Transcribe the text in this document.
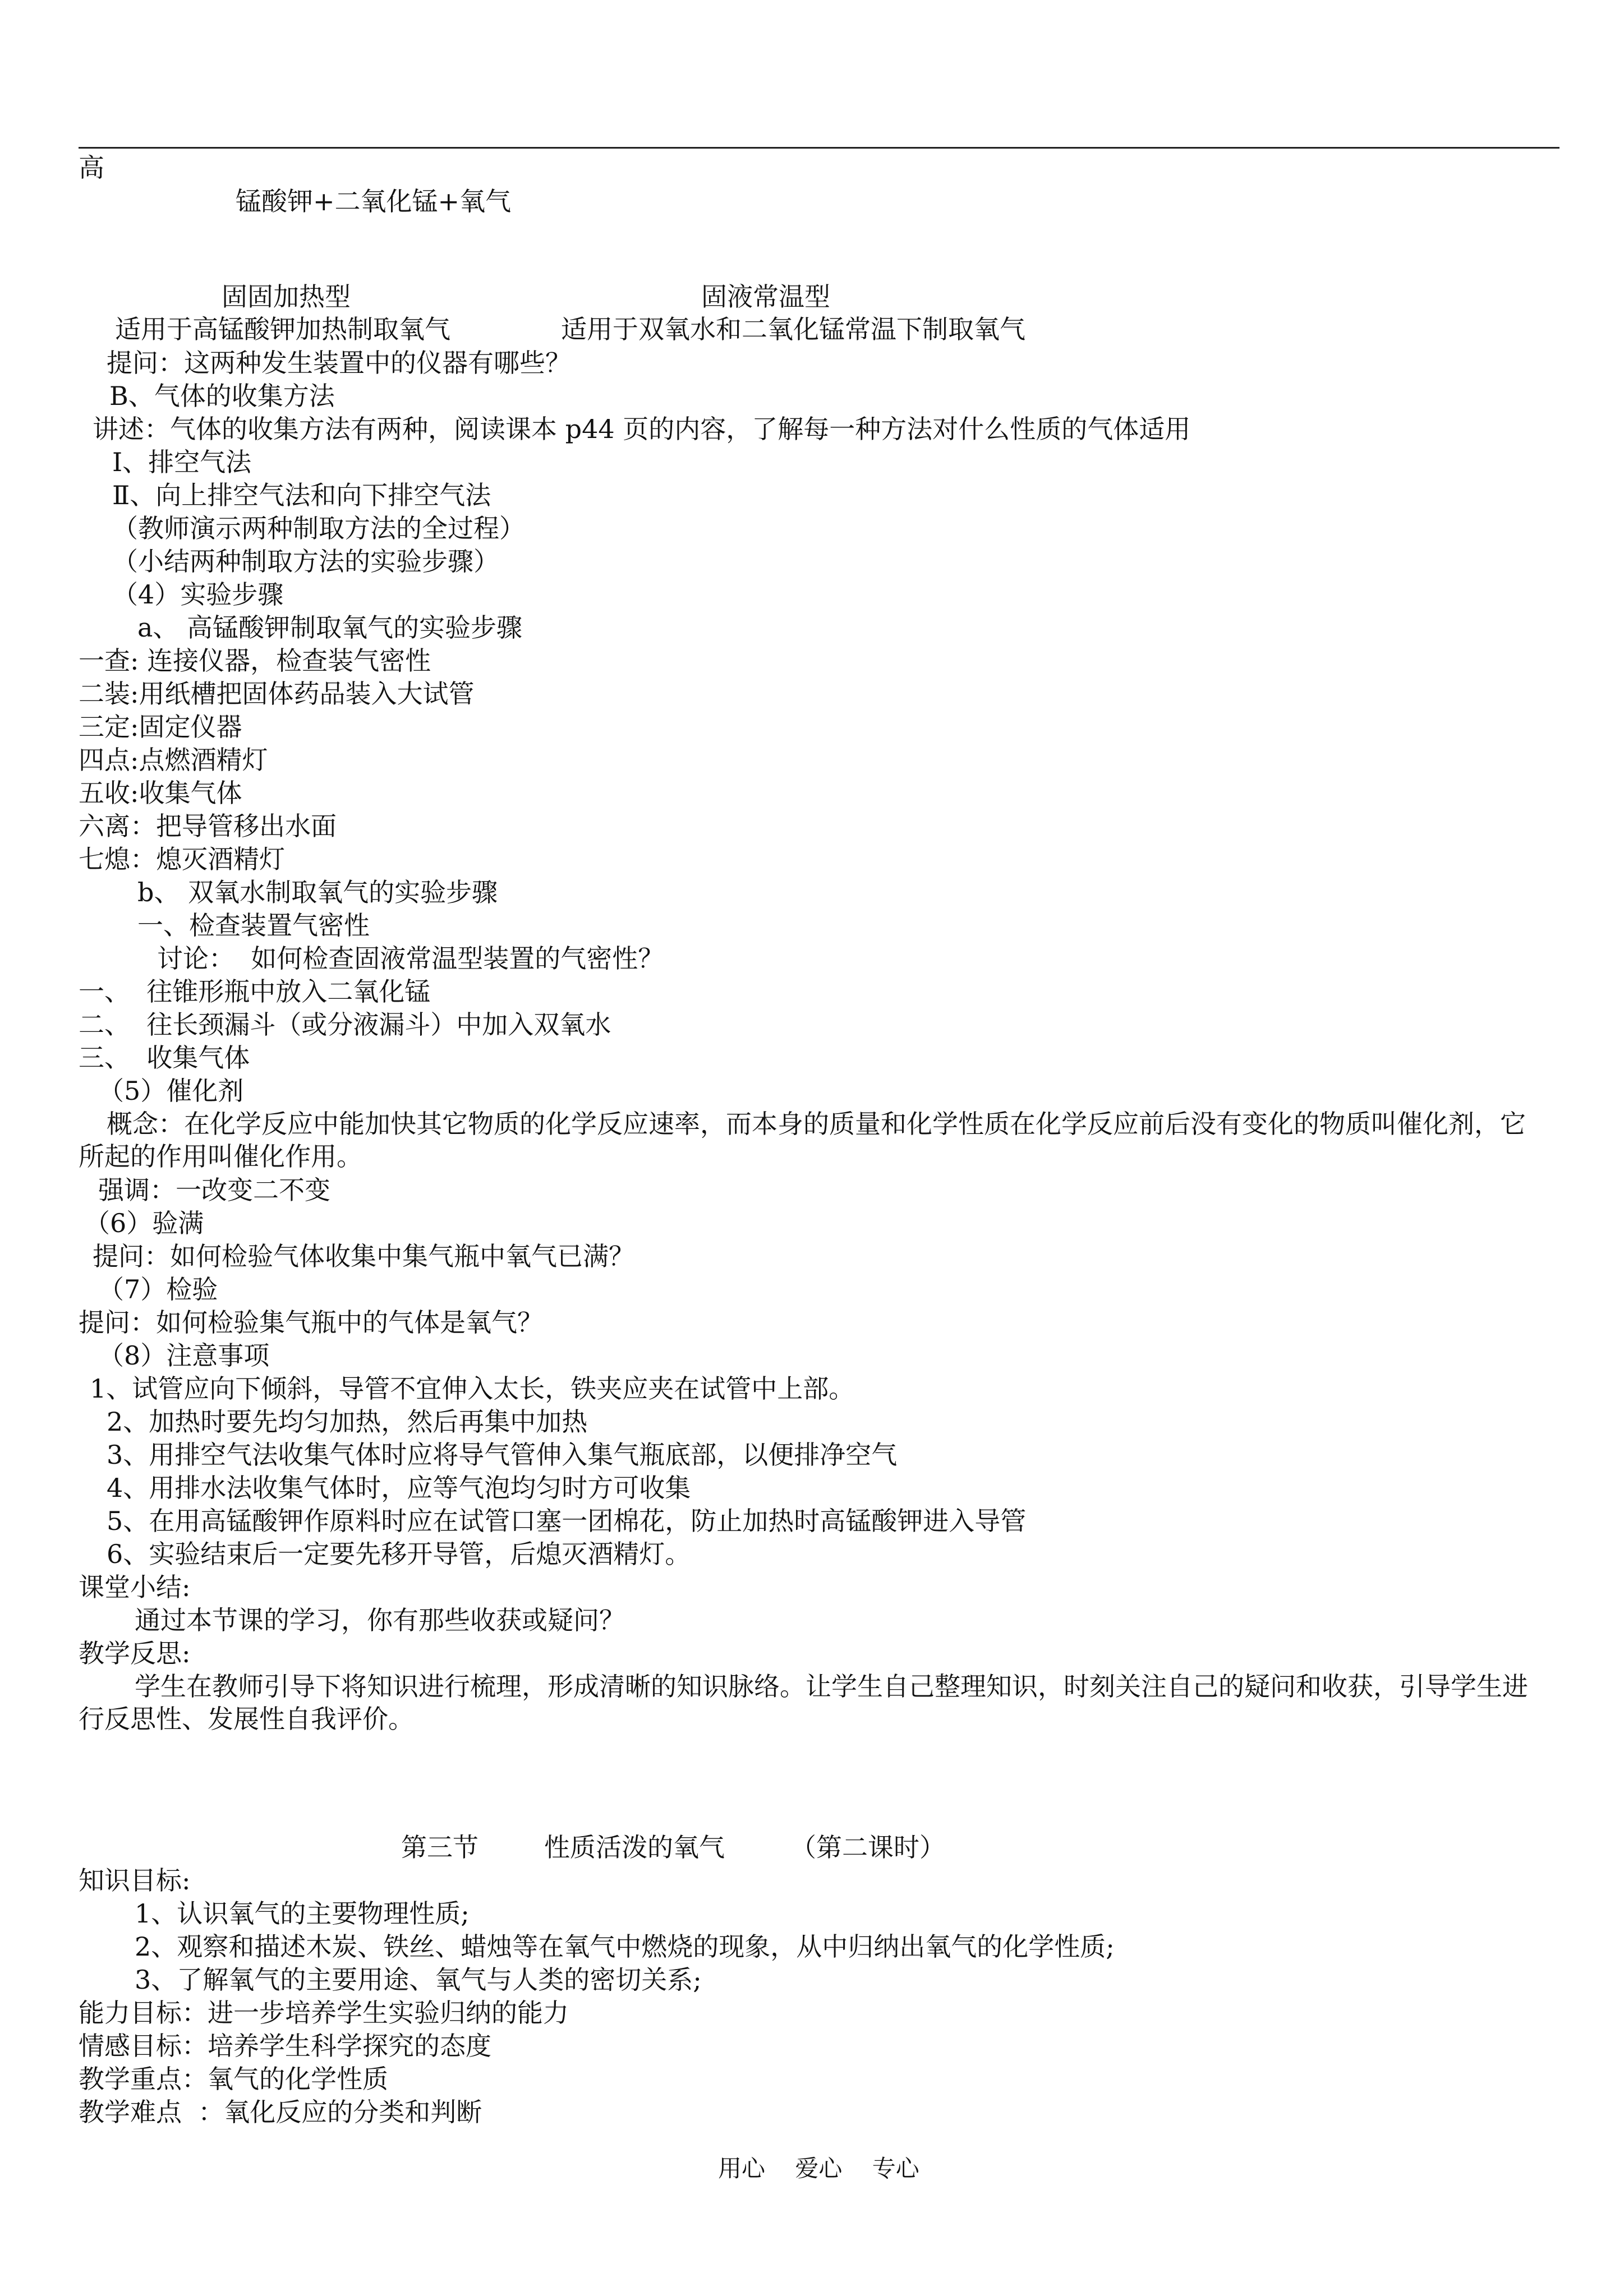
高
锰酸钾+二氧化锰+氧气
固固加热型	固液常温型
适用于高锰酸钾加热制取氧气	适用于双氧水和二氧化锰常温下制取氧气
提问：这两种发生装置中的仪器有哪些？
B、气体的收集方法
讲述：气体的收集方法有两种，阅读课本 p44 页的内容，了解每一种方法对什么性质的气体适用
Ⅰ、排空气法
Ⅱ、向上排空气法和向下排空气法
（教师演示两种制取方法的全过程）
（小结两种制取方法的实验步骤）
（4）实验步骤
a、 高锰酸钾制取氧气的实验步骤
一查: 连接仪器，检查装气密性
二装:用纸槽把固体药品装入大试管
三定:固定仪器
四点:点燃酒精灯
五收:收集气体
六离：把导管移出水面
七熄：熄灭酒精灯
b、 双氧水制取氧气的实验步骤
一、检查装置气密性
讨论：  如何检查固液常温型装置的气密性？
一、  往锥形瓶中放入二氧化锰
二、  往长颈漏斗（或分液漏斗）中加入双氧水
三、  收集气体
（5）催化剂
概念：在化学反应中能加快其它物质的化学反应速率，而本身的质量和化学性质在化学反应前后没有变化的物质叫催化剂，它所起的作用叫催化作用。
强调：一改变二不变
（6）验满
提问：如何检验气体收集中集气瓶中氧气已满？
（7）检验
提问：如何检验集气瓶中的气体是氧气？
（8）注意事项
1、试管应向下倾斜，导管不宜伸入太长，铁夹应夹在试管中上部。
2、加热时要先均匀加热，然后再集中加热
3、用排空气法收集气体时应将导气管伸入集气瓶底部，以便排净空气
4、用排水法收集气体时，应等气泡均匀时方可收集
5、在用高锰酸钾作原料时应在试管口塞一团棉花，防止加热时高锰酸钾进入导管
6、实验结束后一定要先移开导管，后熄灭酒精灯。
课堂小结:
通过本节课的学习，你有那些收获或疑问？
教学反思:
学生在教师引导下将知识进行梳理，形成清晰的知识脉络。让学生自己整理知识，时刻关注自己的疑问和收获，引导学生进行反思性、发展性自我评价。
第三节        性质活泼的氧气        （第二课时）
知识目标:
1、认识氧气的主要物理性质;
2、观察和描述木炭、铁丝、蜡烛等在氧气中燃烧的现象，从中归纳出氧气的化学性质;
3、了解氧气的主要用途、氧气与人类的密切关系;
能力目标：进一步培养学生实验归纳的能力
情感目标：培养学生科学探究的态度
教学重点：氧气的化学性质
教学难点  ：氧化反应的分类和判断
用心    爱心    专心
